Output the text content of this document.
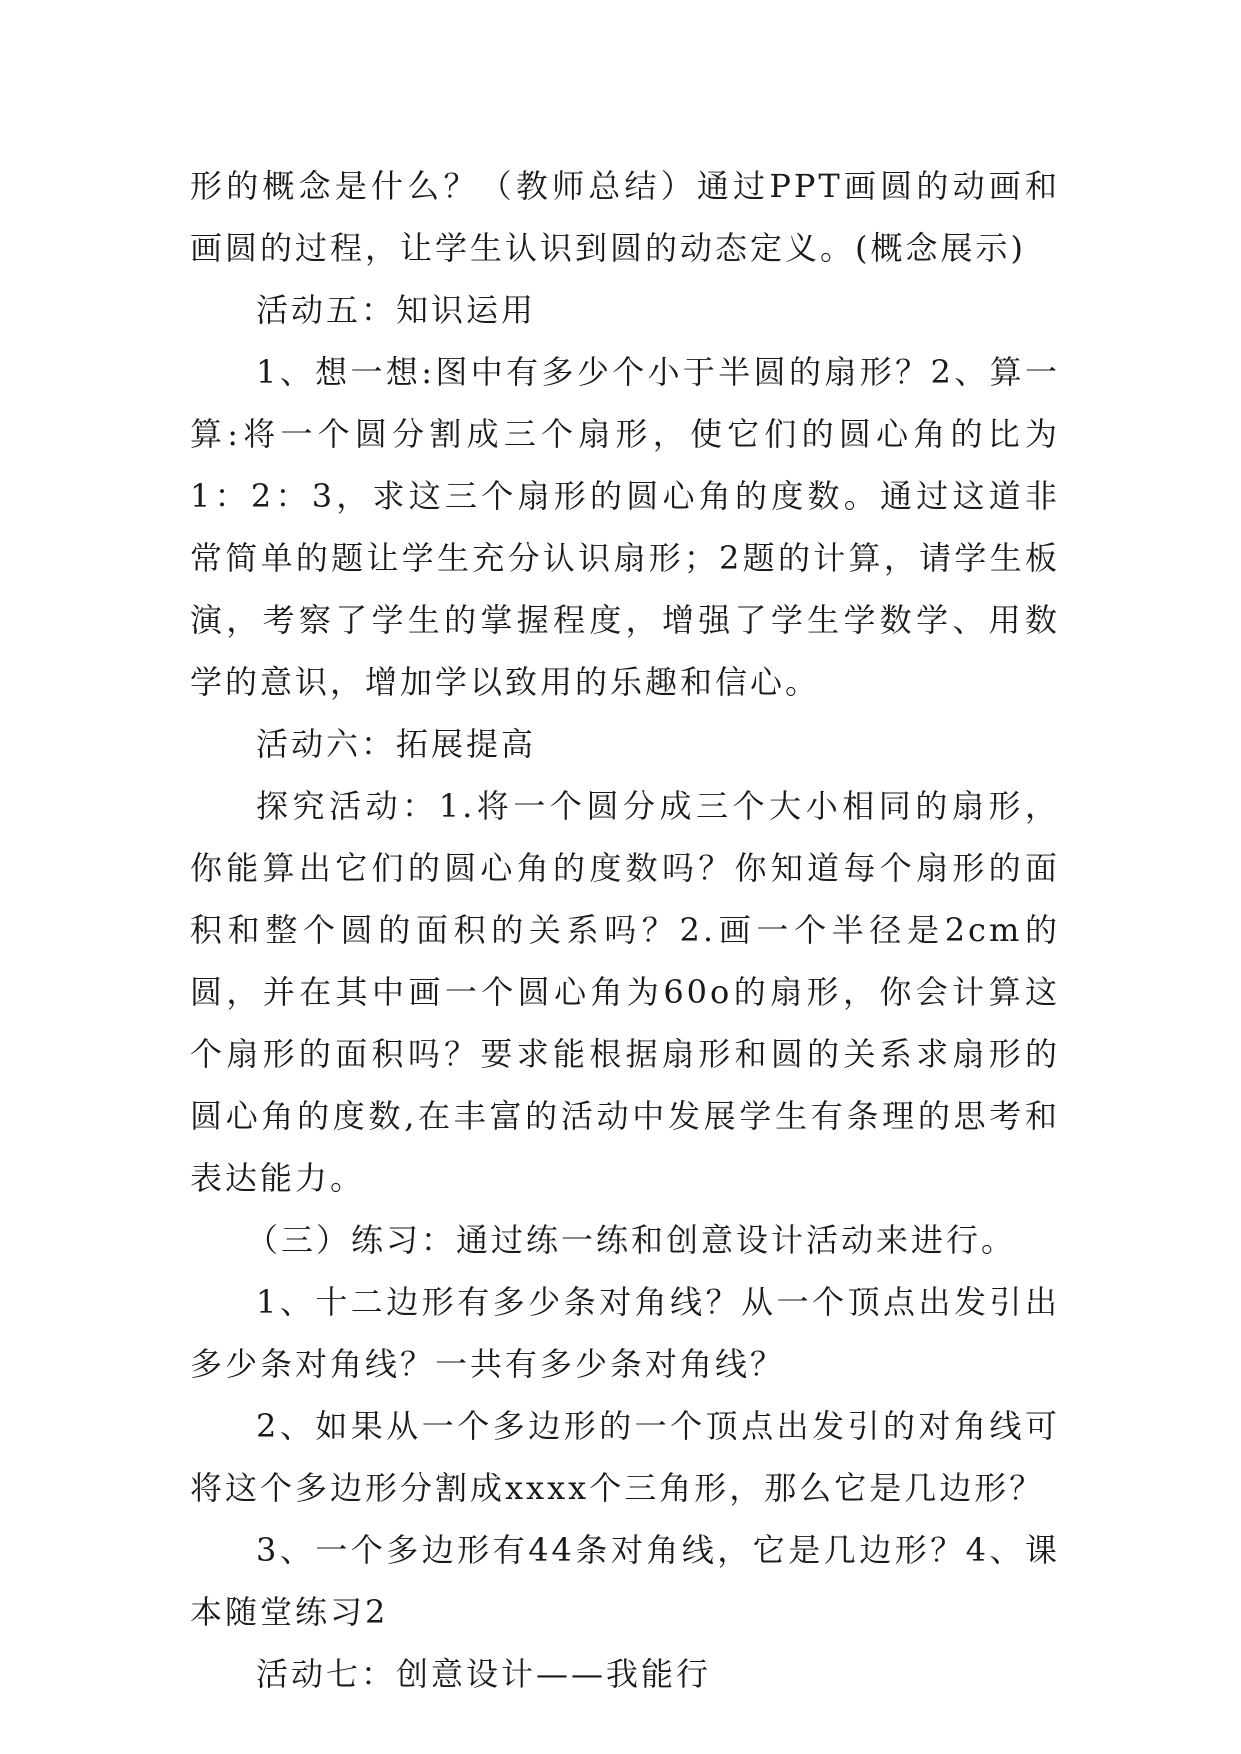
形的概念是什么？（教师总结）通过PPT画圆的动画和画圆的过程，让学生认识到圆的动态定义。(概念展示)

活动五：知识运用

1、想一想:图中有多少个小于半圆的扇形？2、算一算:将一个圆分割成三个扇形，使它们的圆心角的比为1：2：3，求这三个扇形的圆心角的度数。通过这道非常简单的题让学生充分认识扇形；2题的计算，请学生板演，考察了学生的掌握程度，增强了学生学数学、用数学的意识，增加学以致用的乐趣和信心。

活动六：拓展提高

探究活动：1.将一个圆分成三个大小相同的扇形，你能算出它们的圆心角的度数吗？你知道每个扇形的面积和整个圆的面积的关系吗？2.画一个半径是2cm的圆，并在其中画一个圆心角为60o的扇形，你会计算这个扇形的面积吗？要求能根据扇形和圆的关系求扇形的圆心角的度数,在丰富的活动中发展学生有条理的思考和表达能力。

（三）练习：通过练一练和创意设计活动来进行。

1、十二边形有多少条对角线？从一个顶点出发引出多少条对角线？一共有多少条对角线？

2、如果从一个多边形的一个顶点出发引的对角线可将这个多边形分割成xxxx个三角形，那么它是几边形？

3、一个多边形有44条对角线，它是几边形？4、课本随堂练习2

活动七：创意设计——我能行
